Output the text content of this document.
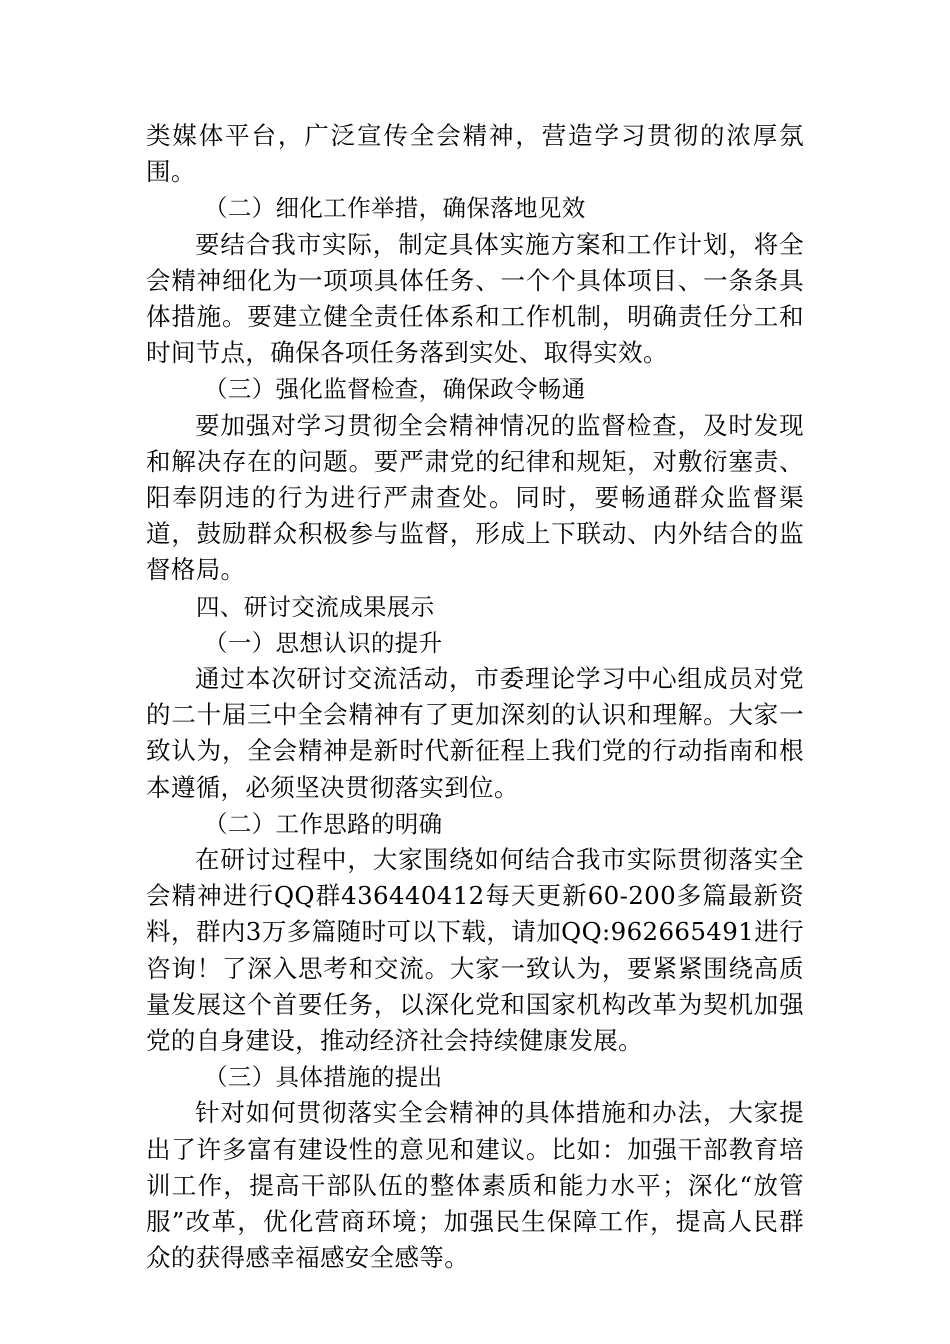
类媒体平台，广泛宣传全会精神，营造学习贯彻的浓厚氛围。

（二）细化工作举措，确保落地见效

要结合我市实际，制定具体实施方案和工作计划，将全会精神细化为一项项具体任务、一个个具体项目、一条条具体措施。要建立健全责任体系和工作机制，明确责任分工和时间节点，确保各项任务落到实处、取得实效。

（三）强化监督检查，确保政令畅通

要加强对学习贯彻全会精神情况的监督检查，及时发现和解决存在的问题。要严肃党的纪律和规矩，对敷衍塞责、阳奉阴违的行为进行严肃查处。同时，要畅通群众监督渠道，鼓励群众积极参与监督，形成上下联动、内外结合的监督格局。

四、研讨交流成果展示

（一）思想认识的提升

通过本次研讨交流活动，市委理论学习中心组成员对党的二十届三中全会精神有了更加深刻的认识和理解。大家一致认为，全会精神是新时代新征程上我们党的行动指南和根本遵循，必须坚决贯彻落实到位。

（二）工作思路的明确

在研讨过程中，大家围绕如何结合我市实际贯彻落实全会精神进行QQ群436440412每天更新60-200多篇最新资料，群内3万多篇随时可以下载，请加QQ:962665491进行咨询！了深入思考和交流。大家一致认为，要紧紧围绕高质量发展这个首要任务，以深化党和国家机构改革为契机加强党的自身建设，推动经济社会持续健康发展。

（三）具体措施的提出

针对如何贯彻落实全会精神的具体措施和办法，大家提出了许多富有建设性的意见和建议。比如：加强干部教育培训工作，提高干部队伍的整体素质和能力水平；深化“放管服”改革，优化营商环境；加强民生保障工作，提高人民群众的获得感幸福感安全感等。
